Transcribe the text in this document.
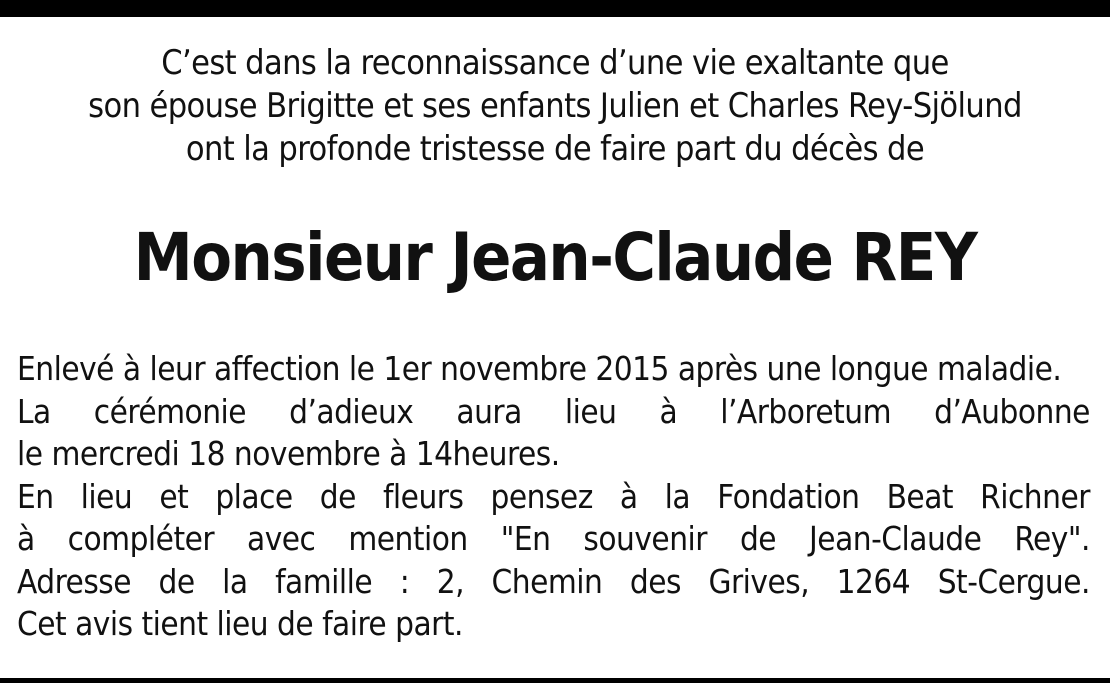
C’est dans la reconnaissance d’une vie exaltante que
son épouse Brigitte et ses enfants Julien et Charles Rey-Sjölund
ont la profonde tristesse de faire part du décès de
Monsieur Jean-Claude REY
Enlevé à leur affection le 1er novembre 2015 après une longue maladie.
La cérémonie d’adieux aura lieu à l’Arboretum d’Aubonne
le mercredi 18 novembre à 14heures.
En lieu et place de fleurs pensez à la Fondation Beat Richner
à compléter avec mention "En souvenir de Jean-Claude Rey".
Adresse de la famille : 2, Chemin des Grives, 1264 St-Cergue.
Cet avis tient lieu de faire part.
